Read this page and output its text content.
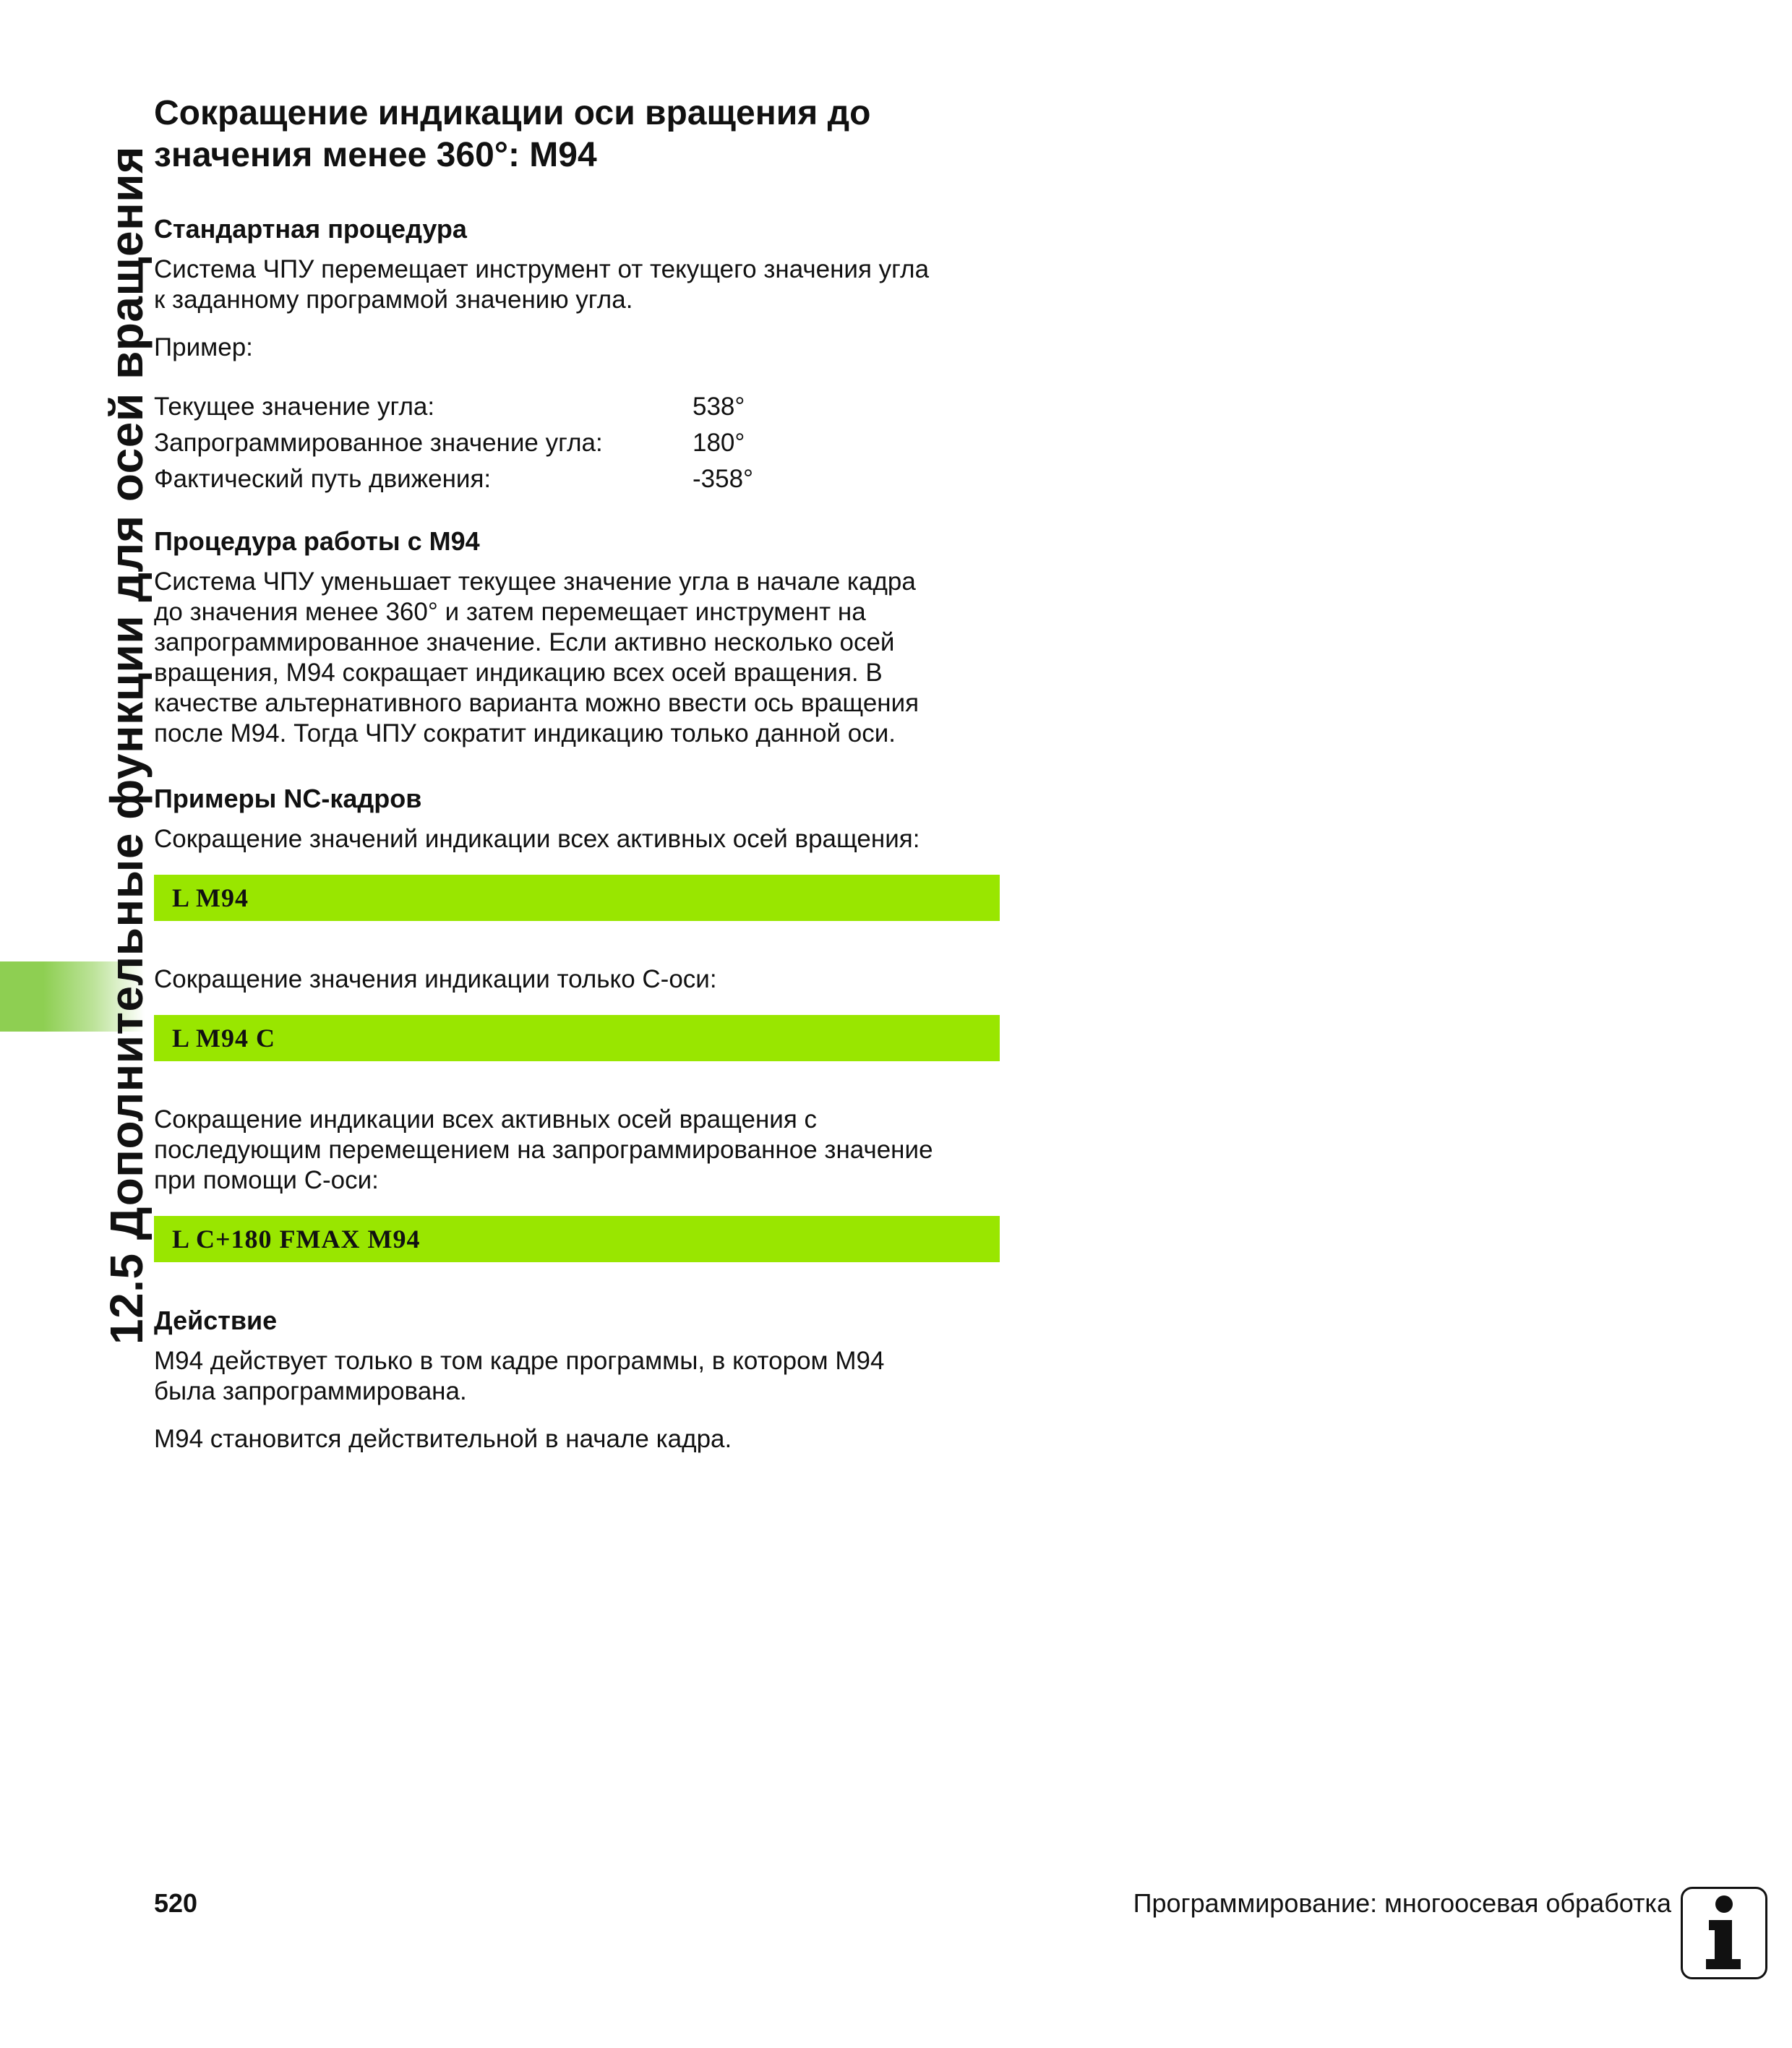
12.5 Дополнительные функции для осей вращения
Сокращение индикации оси вращения до
значения менее 360°: M94
Стандартная процедура

Система ЧПУ перемещает инструмент от текущего значения угла
к заданному программой значению угла.

Пример:

Текущее значение угла:	538°
Запрограммированное значение угла:	180°
Фактический путь движения:	-358°
Процедура работы с M94

Система ЧПУ уменьшает текущее значение угла в начале кадра
до значения менее 360° и затем перемещает инструмент на
запрограммированное значение. Если активно несколько осей
вращения, M94 сокращает индикацию всех осей вращения. В
качестве альтернативного варианта можно ввести ось вращения
после M94. Тогда ЧПУ сократит индикацию только данной оси.

Примеры NC-кадров

Сокращение значений индикации всех активных осей вращения:

L M94

Сокращение значения индикации только C-оси:

L M94 C

Сокращение индикации всех активных осей вращения с
последующим перемещением на запрограммированное значение
при помощи C-оси:

L C+180 FMAX M94
Действие

M94 действует только в том кадре программы, в котором M94
была запрограммирована.

M94 становится действительной в начале кадра.

520	Программирование: многоосевая обработка
